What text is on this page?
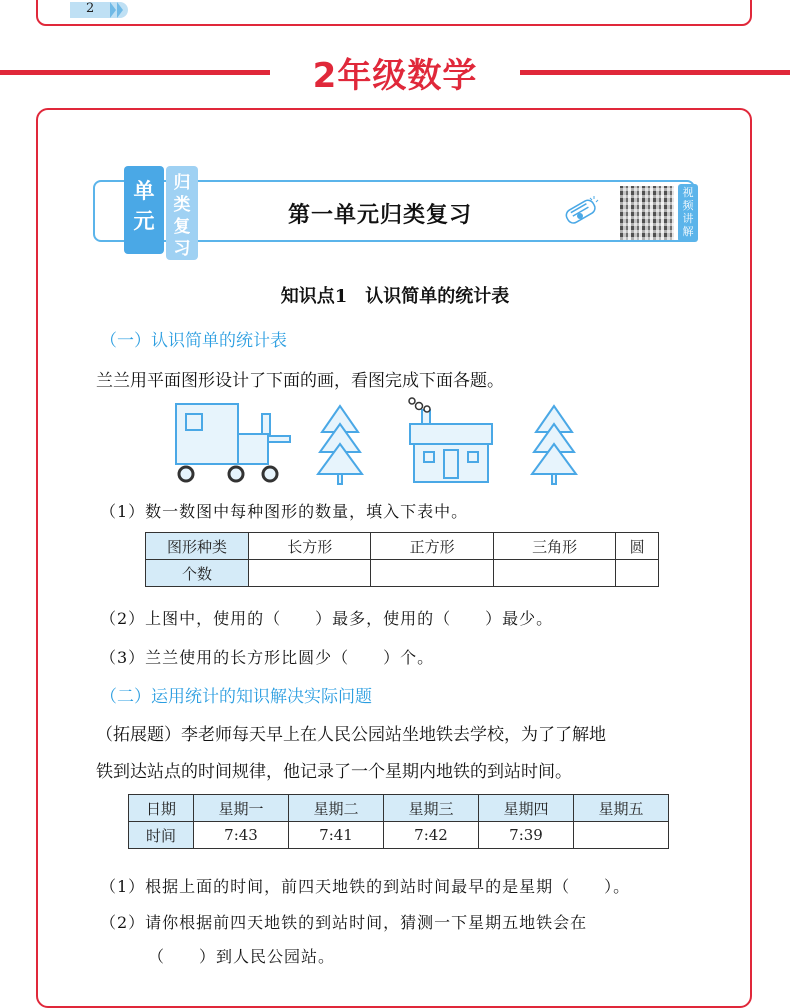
2
2年级数学
单
元
归
类
复
习
第一单元归类复习
视
频
讲
解
知识点1　认识简单的统计表
（一）认识简单的统计表
兰兰用平面图形设计了下面的画，看图完成下面各题。
（1）数一数图中每种图形的数量，填入下表中。
图形种类	长方形	正方形	三角形	圆
个数				
（2）上图中，使用的（　　）最多，使用的（　　）最少。
（3）兰兰使用的长方形比圆少（　　）个。
（二）运用统计的知识解决实际问题
（拓展题）李老师每天早上在人民公园站坐地铁去学校，为了了解地
铁到达站点的时间规律，他记录了一个星期内地铁的到站时间。
日期	星期一	星期二	星期三	星期四	星期五
时间	7:43	7:41	7:42	7:39	
（1）根据上面的时间，前四天地铁的到站时间最早的是星期（　　）。
（2）请你根据前四天地铁的到站时间，猜测一下星期五地铁会在
（　　）到人民公园站。
